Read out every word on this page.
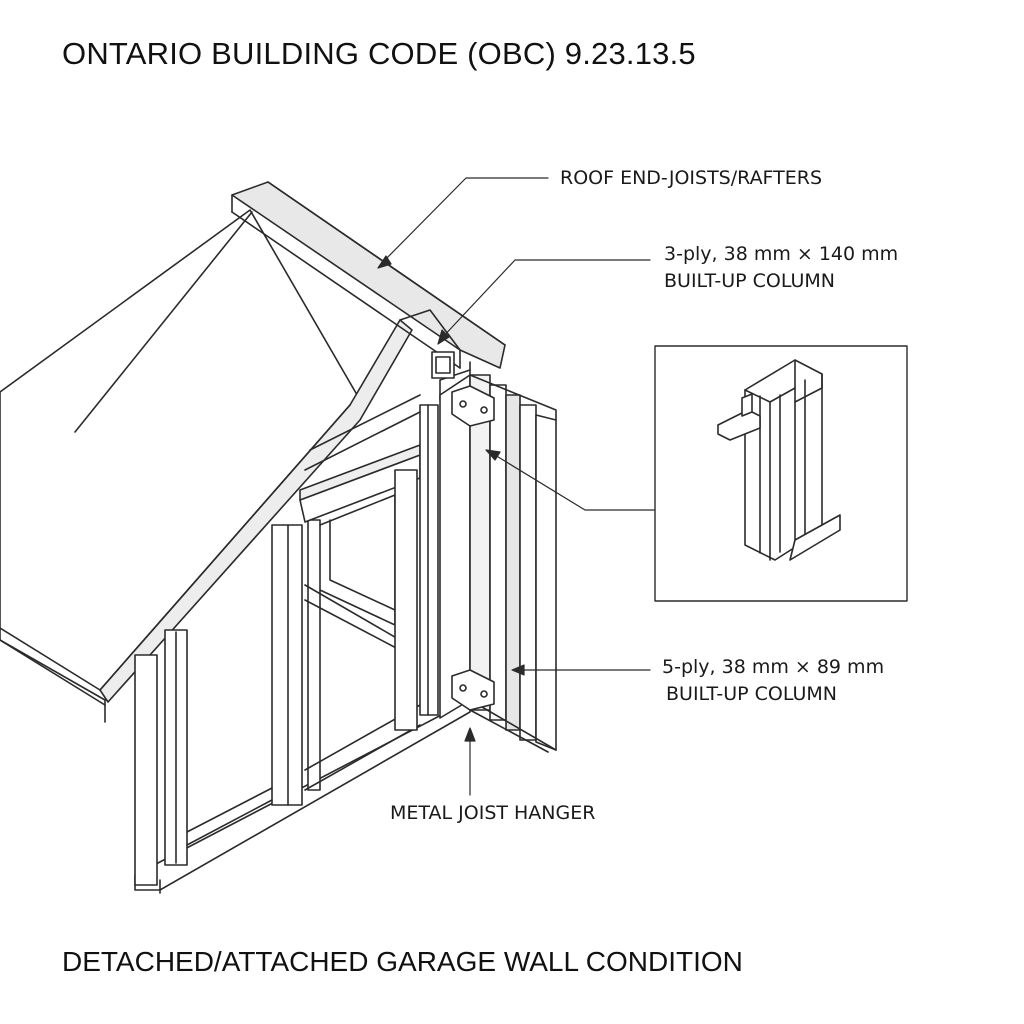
ONTARIO BUILDING CODE (OBC) 9.23.13.5
ROOF END-JOISTS/RAFTERS
3-ply, 38 mm × 140 mm
BUILT-UP COLUMN
5-ply, 38 mm × 89 mm
BUILT-UP COLUMN
METAL JOIST HANGER
DETACHED/ATTACHED GARAGE WALL CONDITION
